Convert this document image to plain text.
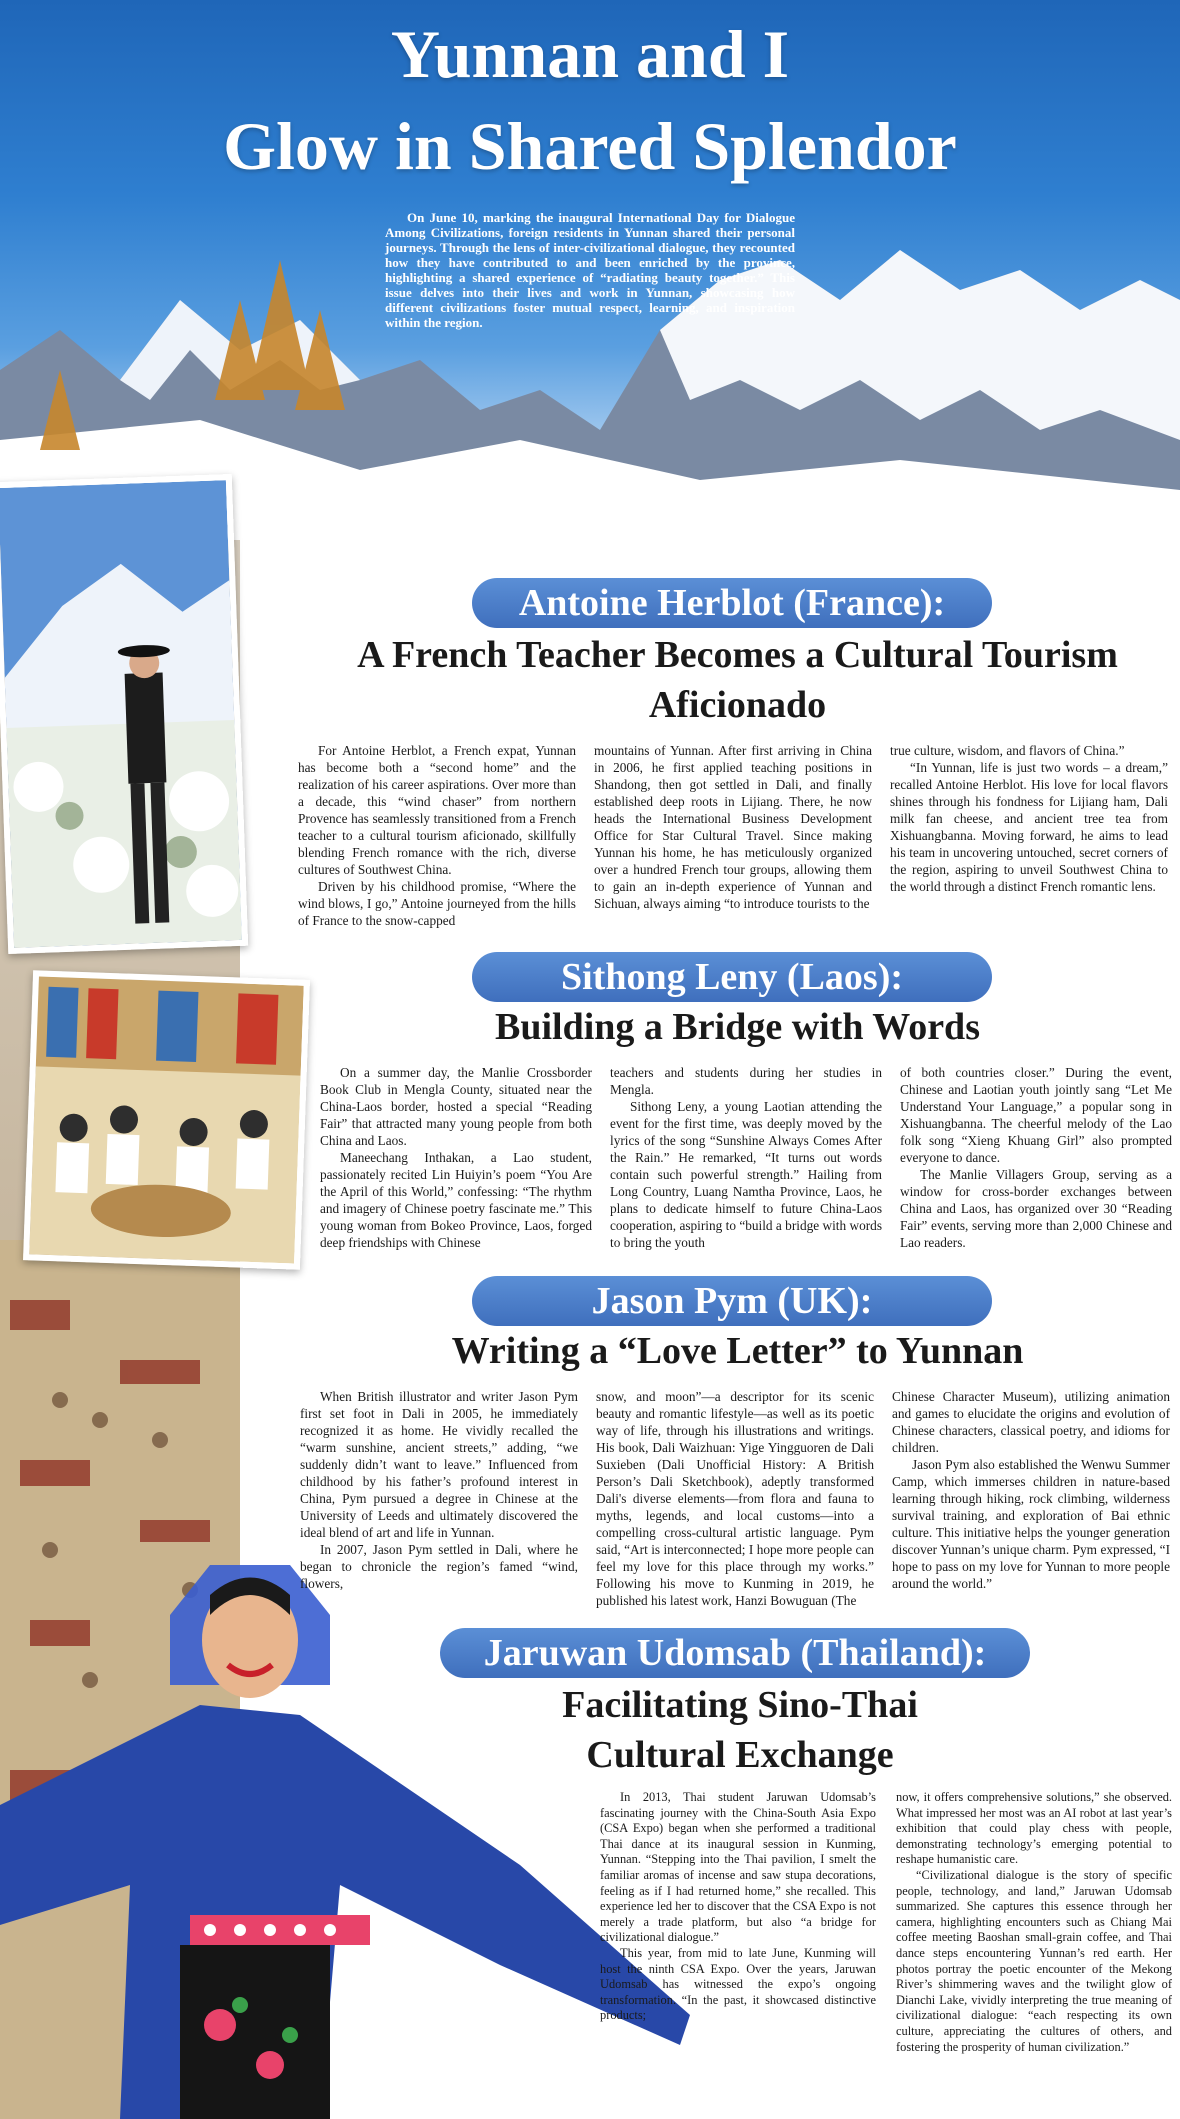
Yunnan and I
Glow in Shared Splendor
On June 10, marking the inaugural International Day for Dialogue Among Civilizations, foreign residents in Yunnan shared their personal journeys. Through the lens of inter-civilizational dialogue, they recounted how they have contributed to and been enriched by the province, highlighting a shared experience of “radiating beauty together.” This issue delves into their lives and work in Yunnan, showcasing how different civilizations foster mutual respect, learning, and inspiration within the region.
Antoine Herblot (France):
A French Teacher Becomes a Cultural Tourism
Aficionado

For Antoine Herblot, a French expat, Yunnan has become both a “second home” and the realization of his career aspirations. Over more than a decade, this “wind chaser” from northern Provence has seamlessly transitioned from a French teacher to a cultural tourism aficionado, skillfully blending French romance with the rich, diverse cultures of Southwest China.

Driven by his childhood promise, “Where the wind blows, I go,” Antoine journeyed from the hills of France to the snow-capped

mountains of Yunnan. After first arriving in China in 2006, he first applied teaching positions in Shandong, then got settled in Dali, and finally established deep roots in Lijiang. There, he now heads the International Business Development Office for Star Cultural Travel. Since making Yunnan his home, he has meticulously organized over a hundred French tour groups, allowing them to gain an in-depth experience of Yunnan and Sichuan, always aiming “to introduce tourists to the

true culture, wisdom, and flavors of China.”

“In Yunnan, life is just two words – a dream,” recalled Antoine Herblot. His love for local flavors shines through his fondness for Lijiang ham, Dali milk fan cheese, and ancient tree tea from Xishuangbanna. Moving forward, he aims to lead his team in uncovering untouched, secret corners of the region, aspiring to unveil Southwest China to the world through a distinct French romantic lens.

Sithong Leny (Laos):
Building a Bridge with Words

On a summer day, the Manlie Crossborder Book Club in Mengla County, situated near the China-Laos border, hosted a special “Reading Fair” that attracted many young people from both China and Laos.

Maneechang Inthakan, a Lao student, passionately recited Lin Huiyin’s poem “You Are the April of this World,” confessing: “The rhythm and imagery of Chinese poetry fascinate me.” This young woman from Bokeo Province, Laos, forged deep friendships with Chinese

teachers and students during her studies in Mengla.

Sithong Leny, a young Laotian attending the event for the first time, was deeply moved by the lyrics of the song “Sunshine Always Comes After the Rain.” He remarked, “It turns out words contain such powerful strength.” Hailing from Long Country, Luang Namtha Province, Laos, he plans to dedicate himself to future China-Laos cooperation, aspiring to “build a bridge with words to bring the youth

of both countries closer.” During the event, Chinese and Laotian youth jointly sang “Let Me Understand Your Language,” a popular song in Xishuangbanna. The cheerful melody of the Lao folk song “Xieng Khuang Girl” also prompted everyone to dance.

The Manlie Villagers Group, serving as a window for cross-border exchanges between China and Laos, has organized over 30 “Reading Fair” events, serving more than 2,000 Chinese and Lao readers.

Jason Pym (UK):
Writing a “Love Letter” to Yunnan

When British illustrator and writer Jason Pym first set foot in Dali in 2005, he immediately recognized it as home. He vividly recalled the “warm sunshine, ancient streets,” adding, “we suddenly didn’t want to leave.” Influenced from childhood by his father’s profound interest in China, Pym pursued a degree in Chinese at the University of Leeds and ultimately discovered the ideal blend of art and life in Yunnan.

In 2007, Jason Pym settled in Dali, where he began to chronicle the region’s famed “wind, flowers,

snow, and moon”—a descriptor for its scenic beauty and romantic lifestyle—as well as its poetic way of life, through his illustrations and writings. His book, Dali Waizhuan: Yige Yingguoren de Dali Suxieben (Dali Unofficial History: A British Person’s Dali Sketchbook), adeptly transformed Dali's diverse elements—from flora and fauna to myths, legends, and local customs—into a compelling cross-cultural artistic language. Pym said, “Art is interconnected; I hope more people can feel my love for this place through my works.” Following his move to Kunming in 2019, he published his latest work, Hanzi Bowuguan (The

Chinese Character Museum), utilizing animation and games to elucidate the origins and evolution of Chinese characters, classical poetry, and idioms for children.

Jason Pym also established the Wenwu Summer Camp, which immerses children in nature-based learning through hiking, rock climbing, wilderness survival training, and exploration of Bai ethnic culture. This initiative helps the younger generation discover Yunnan’s unique charm. Pym expressed, “I hope to pass on my love for Yunnan to more people around the world.”

Jaruwan Udomsab (Thailand):
Facilitating Sino-Thai
Cultural Exchange

In 2013, Thai student Jaruwan Udomsab’s fascinating journey with the China-South Asia Expo (CSA Expo) began when she performed a traditional Thai dance at its inaugural session in Kunming, Yunnan. “Stepping into the Thai pavilion, I smelt the familiar aromas of incense and saw stupa decorations, feeling as if I had returned home,” she recalled. This experience led her to discover that the CSA Expo is not merely a trade platform, but also “a bridge for civilizational dialogue.”

This year, from mid to late June, Kunming will host the ninth CSA Expo. Over the years, Jaruwan Udomsab has witnessed the expo’s ongoing transformation. “In the past, it showcased distinctive products;

now, it offers comprehensive solutions,” she observed. What impressed her most was an AI robot at last year’s exhibition that could play chess with people, demonstrating technology’s emerging potential to reshape humanistic care.

“Civilizational dialogue is the story of specific people, technology, and land,” Jaruwan Udomsab summarized. She captures this essence through her camera, highlighting encounters such as Chiang Mai coffee meeting Baoshan small-grain coffee, and Thai dance steps encountering Yunnan’s red earth. Her photos portray the poetic encounter of the Mekong River’s shimmering waves and the twilight glow of Dianchi Lake, vividly interpreting the true meaning of civilizational dialogue: “each respecting its own culture, appreciating the cultures of others, and fostering the prosperity of human civilization.”
